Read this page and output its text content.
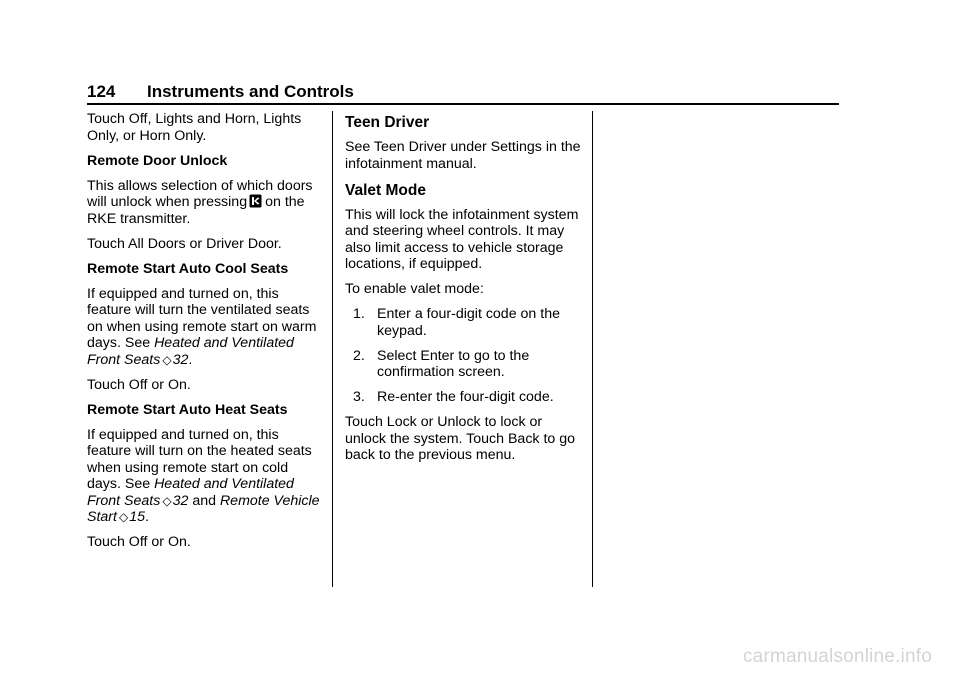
124 Instruments and Controls

Touch Off, Lights and Horn, Lights Only, or Horn Only.

Remote Door Unlock

This allows selection of which doors will unlock when pressing on the RKE transmitter.

Touch All Doors or Driver Door.

Remote Start Auto Cool Seats

If equipped and turned on, this feature will turn the ventilated seats on when using remote start on warm days. See Heated and Ventilated Front Seats ◇32.

Touch Off or On.

Remote Start Auto Heat Seats

If equipped and turned on, this feature will turn on the heated seats when using remote start on cold days. See Heated and Ventilated Front Seats ◇32 and Remote Vehicle Start ◇15.

Touch Off or On.

Teen Driver

See Teen Driver under Settings in the infotainment manual.

Valet Mode

This will lock the infotainment system and steering wheel controls. It may also limit access to vehicle storage locations, if equipped.

To enable valet mode:

1. Enter a four-digit code on the keypad.
2. Select Enter to go to the confirmation screen.
3. Re-enter the four-digit code.

Touch Lock or Unlock to lock or unlock the system. Touch Back to go back to the previous menu.

carmanualsonline.info
